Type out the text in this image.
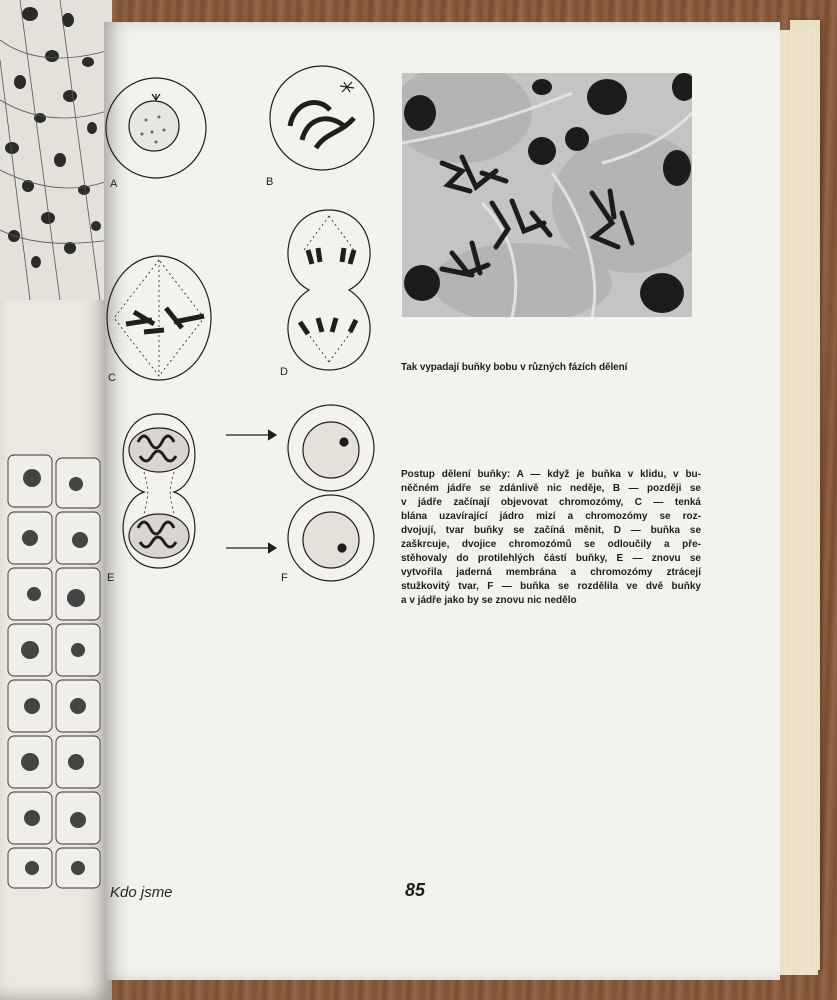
A	B
C	D
E	F
Tak vypadají buňky bobu v různých fázích dělení
Postup dělení buňky: A — když je buňka v klidu, v bu-
něčném jádře se zdánlivě nic neděje, B — později se
v jádře začínají objevovat chromozómy, C — tenká
blána uzavírající jádro mizí a chromozómy se roz-
dvojují, tvar buňky se začíná měnit, D — buňka se
zaškrcuje, dvojice chromozómů se odloučily a pře-
stěhovaly do protilehlých částí buňky, E — znovu se
vytvořila jaderná membrána a chromozómy ztrácejí
stužkovitý tvar, F — buňka se rozdělila ve dvě buňky
a v jádře jako by se znovu nic nedělo
Kdo jsme	85
